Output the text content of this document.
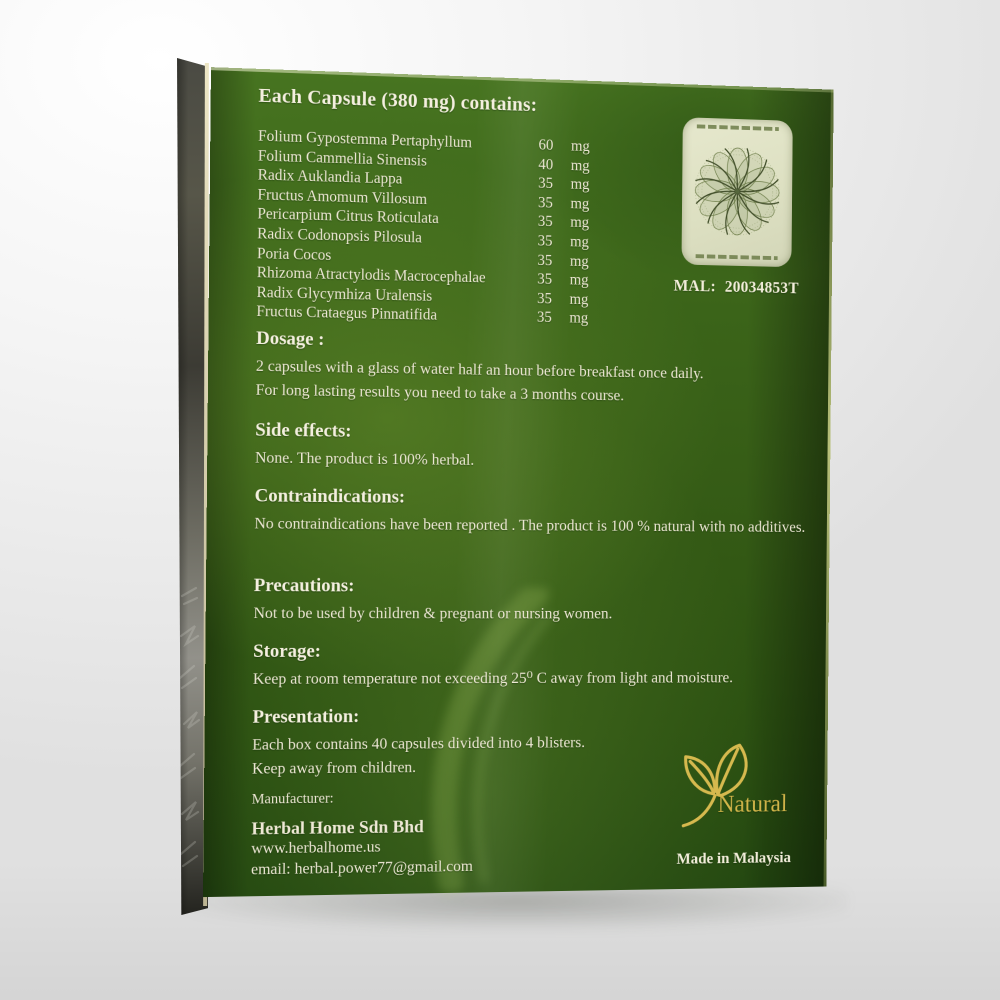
Each Capsule (380 mg) contains:
Folium Gypostemma Pertaphyllum	60 mg
Folium Cammellia Sinensis	40 mg
Radix Auklandia Lappa	35 mg
Fructus Amomum Villosum	35 mg
Pericarpium Citrus Roticulata	35 mg
Radix Codonopsis Pilosula	35 mg
Poria Cocos	35 mg
Rhizoma Atractylodis Macrocephalae	35 mg
Radix Glycymhiza Uralensis	35 mg
Fructus Crataegus Pinnatifida	35 mg
Dosage :
2 capsules with a glass of water half an hour before breakfast once daily.
For long lasting results you need to take a 3 months course.
Side effects:
None. The product is 100% herbal.
Contraindications:
No contraindications have been reported . The product is 100 % natural with no additives.
Precautions:
Not to be used by children & pregnant or nursing women.
Storage:
Keep at room temperature not exceeding 25⁰ C away from light and moisture.
Presentation:
Each box contains 40 capsules divided into 4 blisters.
Keep away from children.
Manufacturer:
Herbal Home Sdn Bhd
www.herbalhome.us
email: herbal.power77@gmail.com
MAL: 20034853T
Natural
Made in Malaysia
